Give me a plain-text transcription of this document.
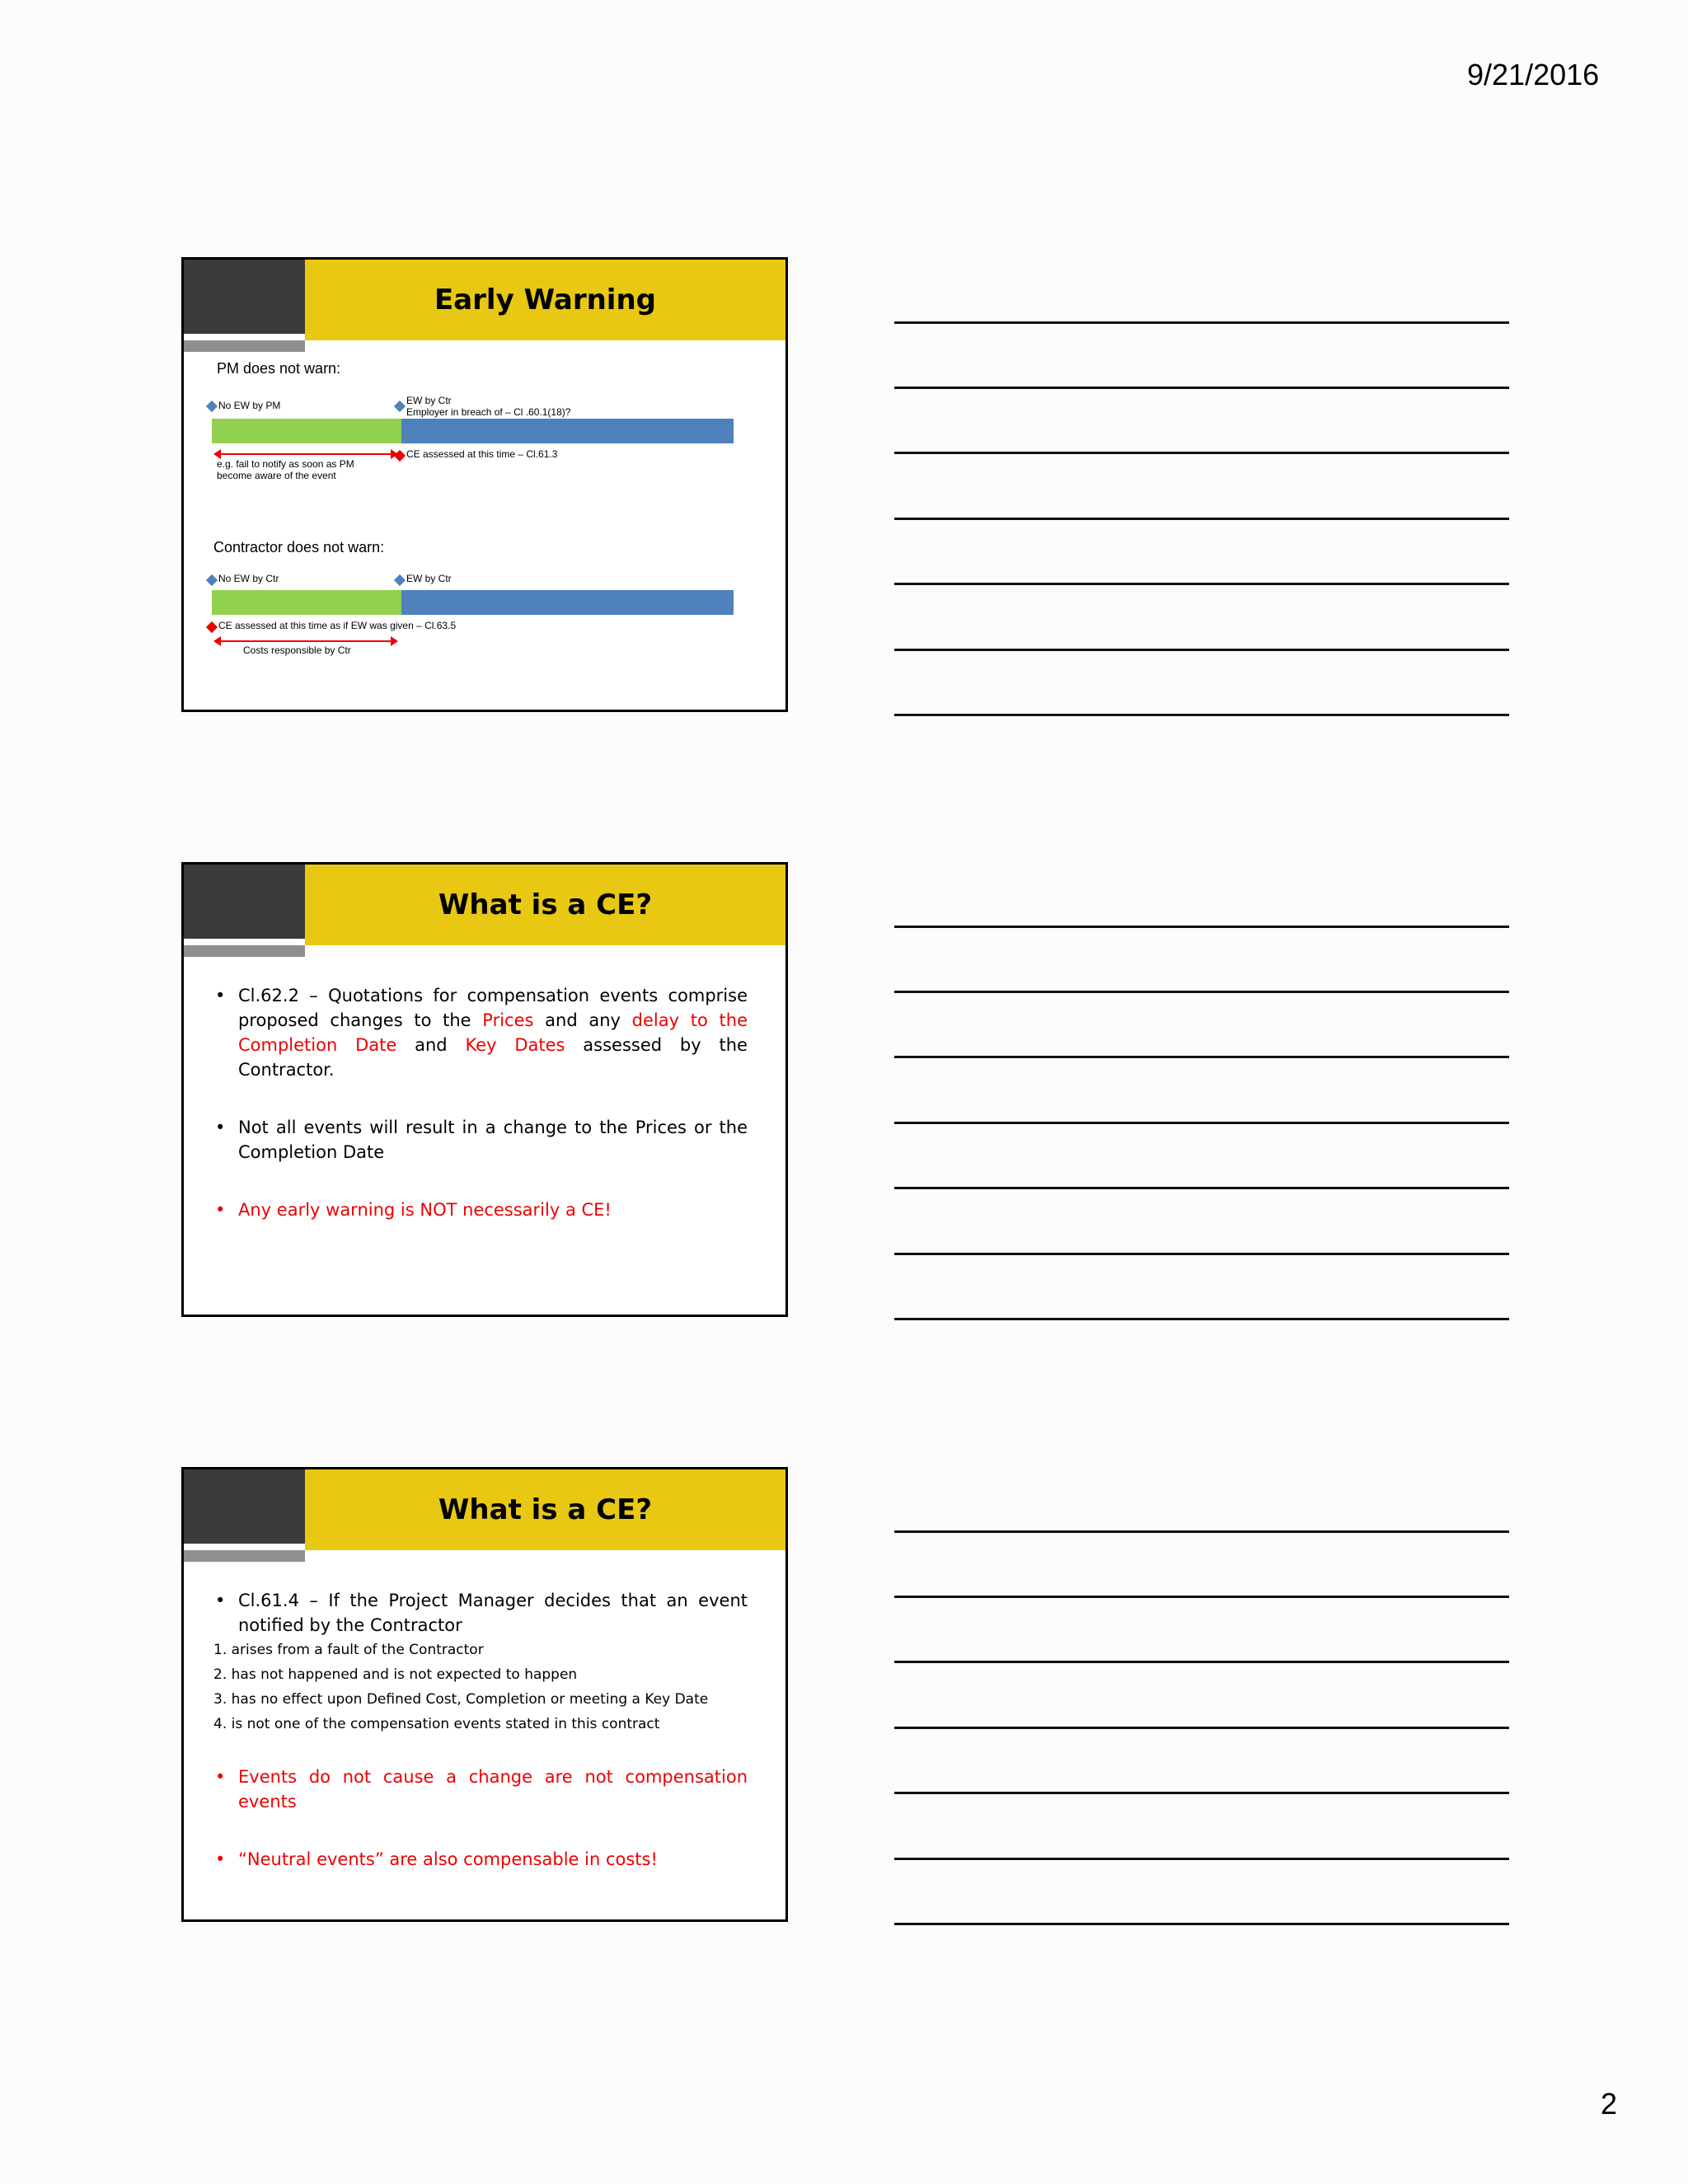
9/21/2016
Early Warning
PM does not warn:
No EW by PM	EW by Ctr
Employer in breach of – Cl .60.1(18)?
CE assessed at this time – Cl.61.3
e.g. fail to notify as soon as PM
become aware of the event
Contractor does not warn:
No EW by Ctr	EW by Ctr
CE assessed at this time as if EW was given – Cl.63.5
Costs responsible by Ctr
What is a CE?
• Cl.62.2 – Quotations for compensation events comprise proposed changes to the Prices and any delay to the Completion Date and Key Dates assessed by the Contractor.
• Not all events will result in a change to the Prices or the Completion Date
• Any early warning is NOT necessarily a CE!
What is a CE?
• Cl.61.4 – If the Project Manager decides that an event notified by the Contractor
1. arises from a fault of the Contractor
2. has not happened and is not expected to happen
3. has no effect upon Defined Cost, Completion or meeting a Key Date
4. is not one of the compensation events stated in this contract
• Events do not cause a change are not compensation events
• “Neutral events” are also compensable in costs!
2
